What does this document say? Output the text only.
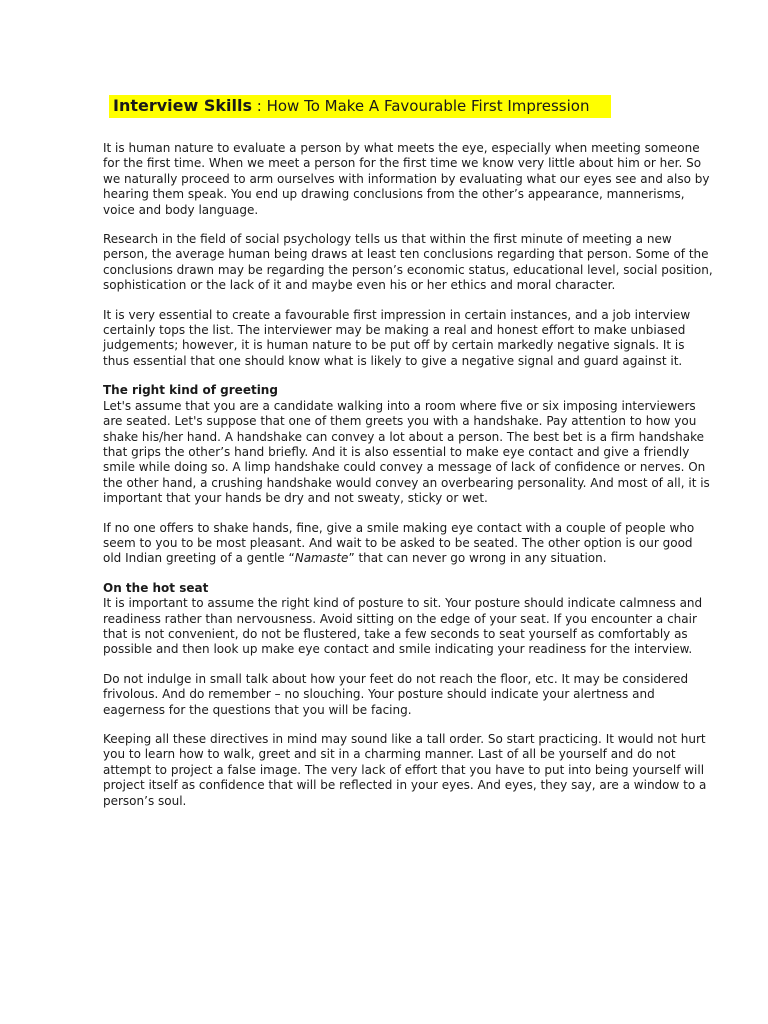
Interview Skills : How To Make A Favourable First Impression

It is human nature to evaluate a person by what meets the eye, especially when meeting someone for the first time. When we meet a person for the first time we know very little about him or her. So we naturally proceed to arm ourselves with information by evaluating what our eyes see and also by hearing them speak. You end up drawing conclusions from the other’s appearance, mannerisms, voice and body language.

Research in the field of social psychology tells us that within the first minute of meeting a new person, the average human being draws at least ten conclusions regarding that person. Some of the conclusions drawn may be regarding the person’s economic status, educational level, social position, sophistication or the lack of it and maybe even his or her ethics and moral character.

It is very essential to create a favourable first impression in certain instances, and a job interview certainly tops the list. The interviewer may be making a real and honest effort to make unbiased judgements; however, it is human nature to be put off by certain markedly negative signals. It is thus essential that one should know what is likely to give a negative signal and guard against it.

The right kind of greeting

Let's assume that you are a candidate walking into a room where five or six imposing interviewers are seated. Let's suppose that one of them greets you with a handshake. Pay attention to how you shake his/her hand. A handshake can convey a lot about a person. The best bet is a firm handshake that grips the other’s hand briefly. And it is also essential to make eye contact and give a friendly smile while doing so. A limp handshake could convey a message of lack of confidence or nerves. On the other hand, a crushing handshake would convey an overbearing personality. And most of all, it is important that your hands be dry and not sweaty, sticky or wet.

If no one offers to shake hands, fine, give a smile making eye contact with a couple of people who seem to you to be most pleasant. And wait to be asked to be seated. The other option is our good old Indian greeting of a gentle “Namaste” that can never go wrong in any situation.

On the hot seat

It is important to assume the right kind of posture to sit. Your posture should indicate calmness and readiness rather than nervousness. Avoid sitting on the edge of your seat. If you encounter a chair that is not convenient, do not be flustered, take a few seconds to seat yourself as comfortably as possible and then look up make eye contact and smile indicating your readiness for the interview.

Do not indulge in small talk about how your feet do not reach the floor, etc. It may be considered frivolous. And do remember – no slouching. Your posture should indicate your alertness and eagerness for the questions that you will be facing.

Keeping all these directives in mind may sound like a tall order. So start practicing. It would not hurt you to learn how to walk, greet and sit in a charming manner. Last of all be yourself and do not attempt to project a false image. The very lack of effort that you have to put into being yourself will project itself as confidence that will be reflected in your eyes. And eyes, they say, are a window to a person’s soul.
